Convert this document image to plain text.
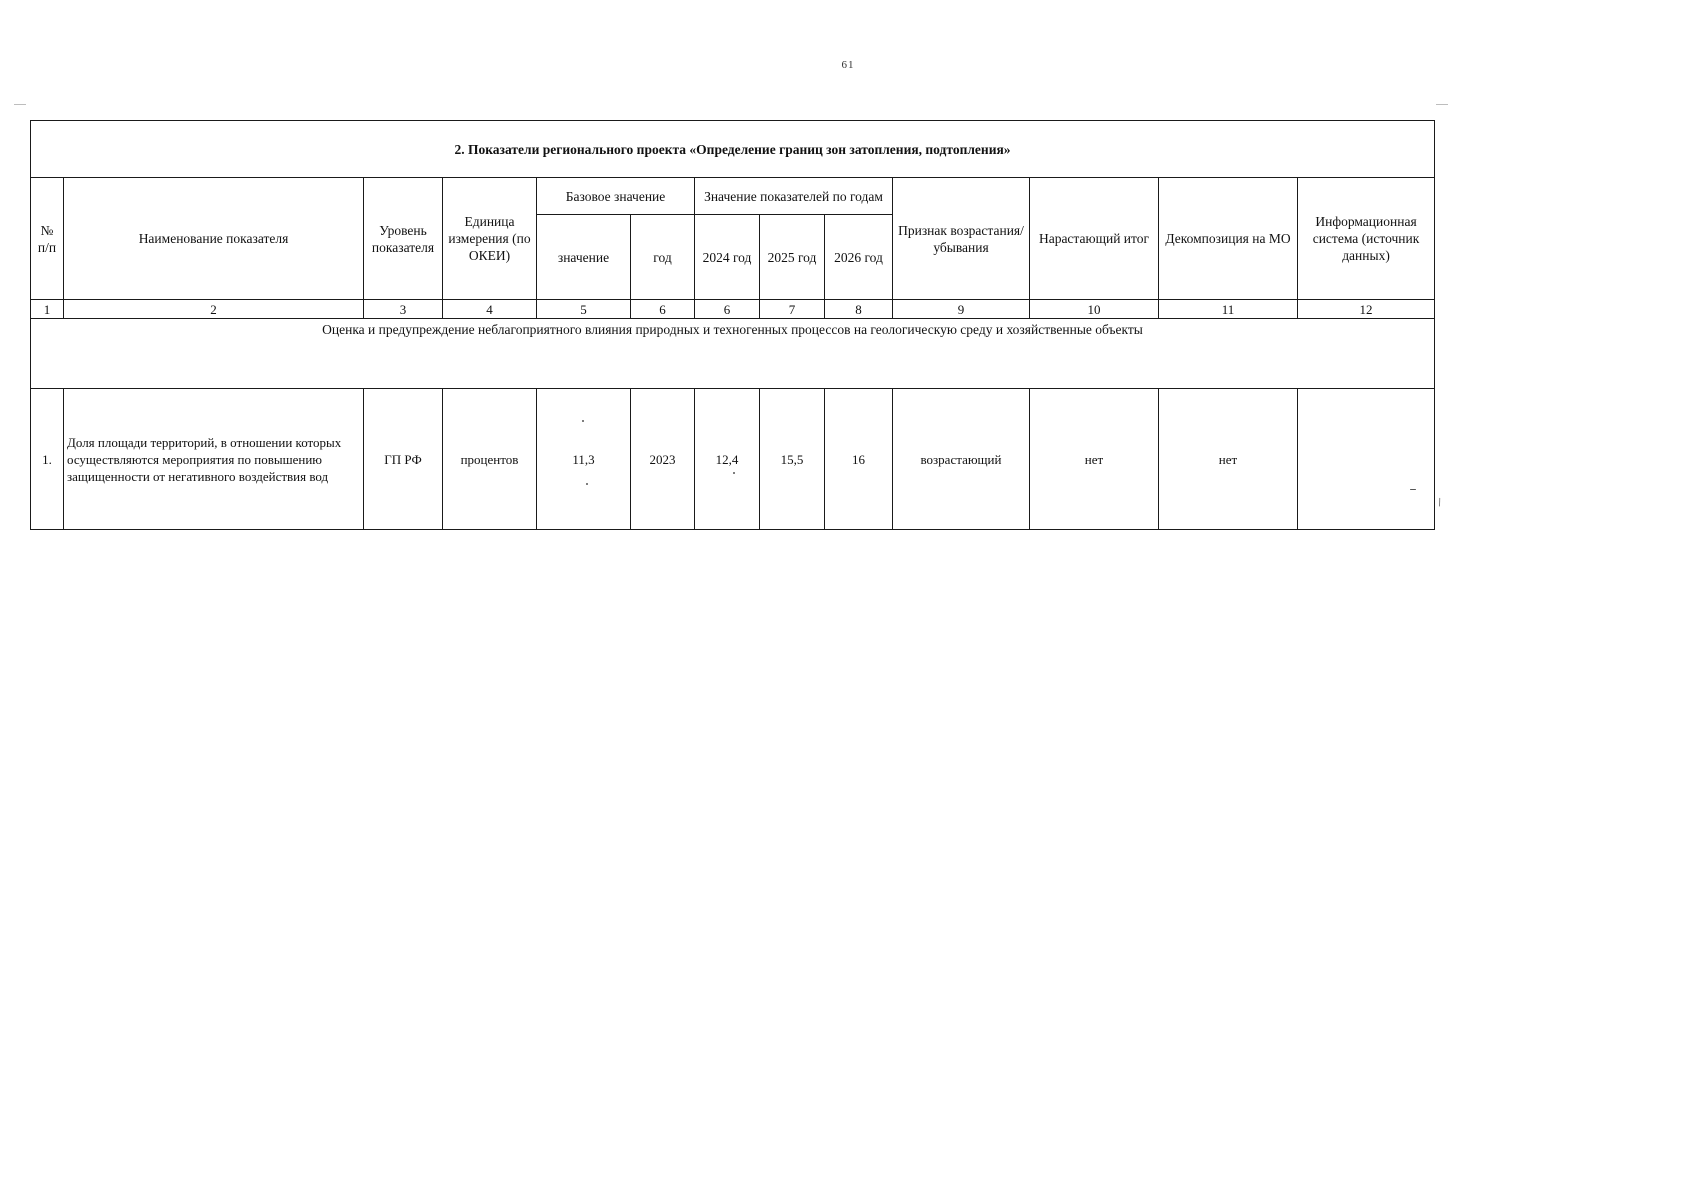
61
2. Показатели регионального проекта «Определение границ зон затопления, подтопления»												
№ п/п	Наименование показателя	Уровень показателя	Единица измерения (по ОКЕИ)	Базовое значение		Значение показателей по годам			Признак возрастания/ убывания	Нарастающий итог	Декомпозиция на МО	Информационная система (источник данных)
				значение	год	2024 год	2025 год	2026 год				
1	2	3	4	5	6	6	7	8	9	10	11	12
Оценка и предупреждение неблагоприятного влияния природных и техногенных процессов на геологическую среду и хозяйственные объекты												
1.	Доля площади территорий, в отношении которых осуществляются мероприятия по повышению защищенности от негативного воздействия вод	ГП РФ	процентов	11,3	2023	12,4	15,5	16	возрастающий	нет	нет	
\
